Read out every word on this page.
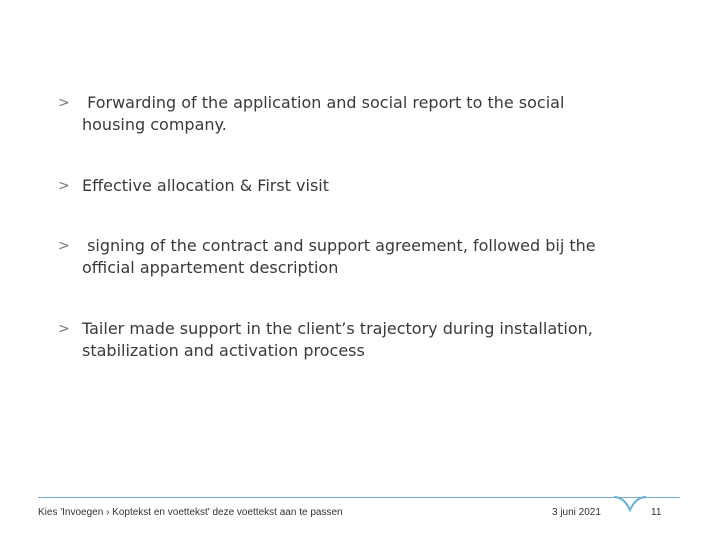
>	Forwarding of the application and social report to the social
housing company.
> Effective allocation & First visit
>	signing of the contract and support agreement, followed bij the
official appartement description
> Tailer made support in the client’s trajectory during installation,
stabilization and activation process
Kies 'Invoegen › Koptekst en voettekst' deze voettekst aan te passen	3 juni 2021	11
